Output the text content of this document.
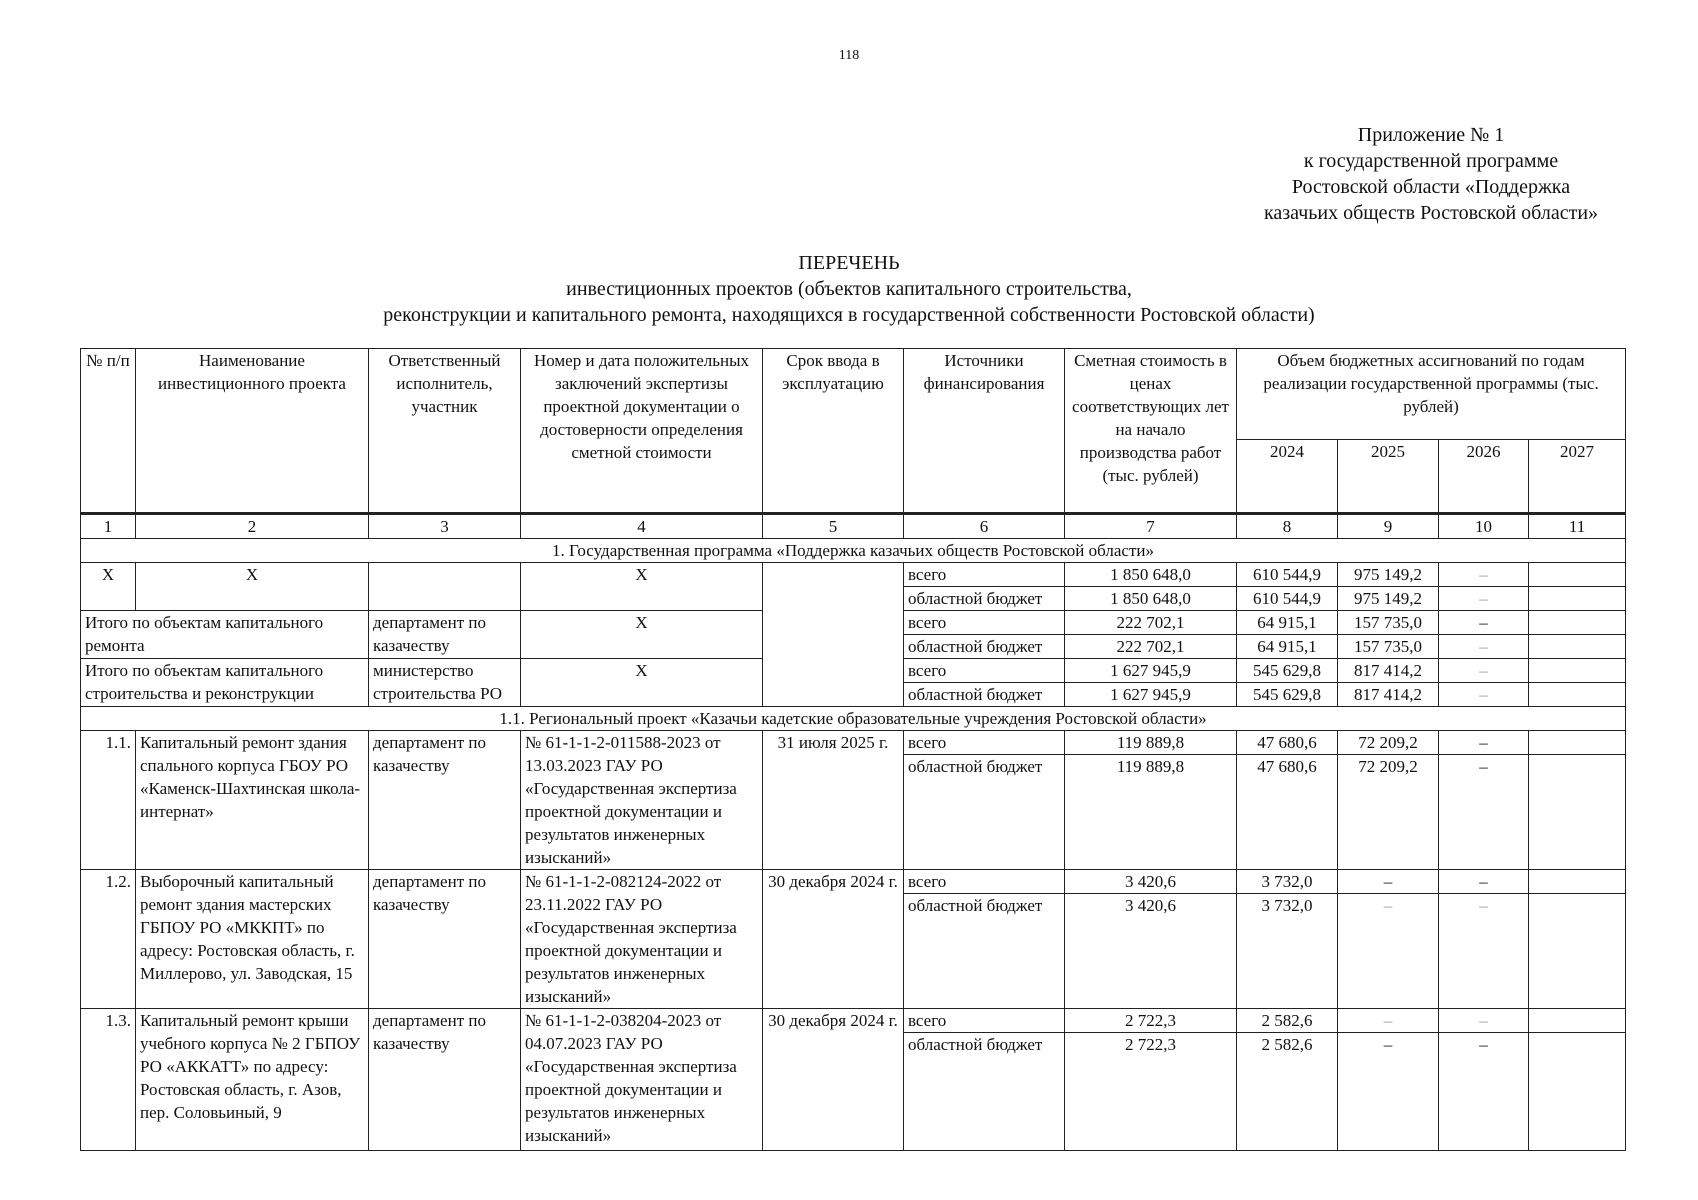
118
Приложение № 1
к государственной программе
Ростовской области «Поддержка
казачьих обществ Ростовской области»
ПЕРЕЧЕНЬ
инвестиционных проектов (объектов капитального строительства,
реконструкции и капитального ремонта, находящихся в государственной собственности Ростовской области)
№ п/п	Наименование инвестиционного проекта	Ответственный исполнитель, участник	Номер и дата положительных заключений экспертизы проектной документации о достоверности определения сметной стоимости	Срок ввода в эксплуатацию	Источники финансирования	Сметная стоимость в ценах соответствующих лет на начало производства работ (тыс. рублей)	Объем бюджетных ассигнований по годам реализации государственной программы (тыс. рублей)			
							2024	2025	2026	2027
1	2	3	4	5	6	7	8	9	10	11
1. Государственная программа «Поддержка казачьих обществ Ростовской области»										
Х	Х		Х		всего	1 850 648,0	610 544,9	975 149,2	–	
					областной бюджет	1 850 648,0	610 544,9	975 149,2	–	
Итого по объектам капитального ремонта		департамент по казачеству	Х		всего	222 702,1	64 915,1	157 735,0	–	
					областной бюджет	222 702,1	64 915,1	157 735,0	–	
Итого по объектам капитального строительства и реконструкции		министерство строительства РО	Х		всего	1 627 945,9	545 629,8	817 414,2	–	
					областной бюджет	1 627 945,9	545 629,8	817 414,2	–	
1.1. Региональный проект «Казачьи кадетские образовательные учреждения Ростовской области»										
1.1.	Капитальный ремонт здания спального корпуса ГБОУ РО «Каменск-Шахтинская школа-интернат»	департамент по казачеству	№ 61-1-1-2-011588-2023 от 13.03.2023 ГАУ РО «Государственная экспертиза проектной документации и результатов инженерных изысканий»	31 июля 2025 г.	всего	119 889,8	47 680,6	72 209,2	–	
					областной бюджет	119 889,8	47 680,6	72 209,2	–	
1.2.	Выборочный капитальный ремонт здания мастерских ГБПОУ РО «МККПТ» по адресу: Ростовская область, г. Миллерово, ул. Заводская, 15	департамент по казачеству	№ 61-1-1-2-082124-2022 от 23.11.2022 ГАУ РО «Государственная экспертиза проектной документации и результатов инженерных изысканий»	30 декабря 2024 г.	всего	3 420,6	3 732,0	–	–	
					областной бюджет	3 420,6	3 732,0	–	–	
1.3.	Капитальный ремонт крыши учебного корпуса № 2 ГБПОУ РО «АККАТТ» по адресу: Ростовская область, г. Азов, пер. Соловьиный, 9	департамент по казачеству	№ 61-1-1-2-038204-2023 от 04.07.2023 ГАУ РО «Государственная экспертиза проектной документации и результатов инженерных изысканий»	30 декабря 2024 г.	всего	2 722,3	2 582,6	–	–	
					областной бюджет	2 722,3	2 582,6	–	–	
